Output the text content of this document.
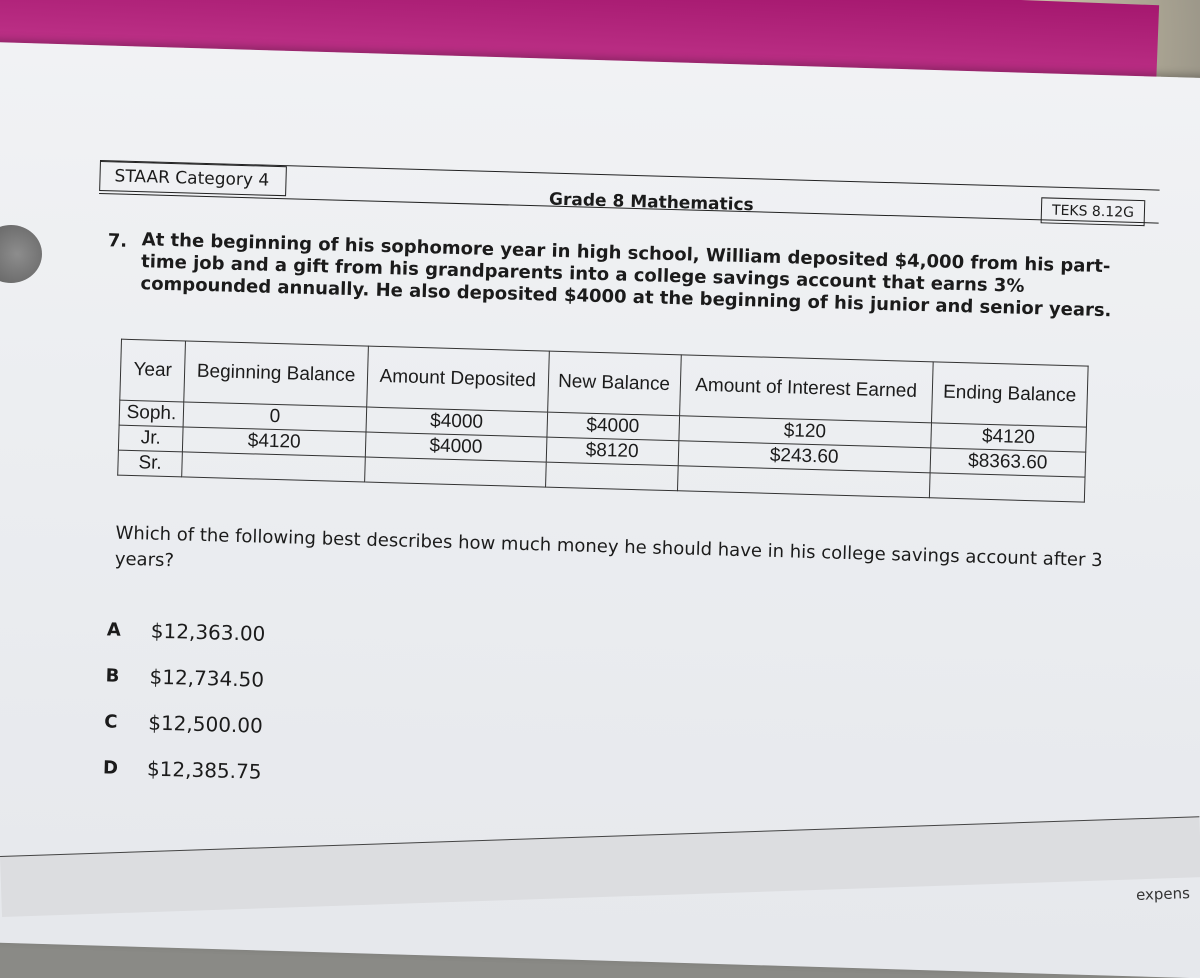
STAAR Category 4
Grade 8 Mathematics	TEKS 8.12G
7. At the beginning of his sophomore year in high school, William deposited $4,000 from his part-time job and a gift from his grandparents into a college savings account that earns 3% compounded annually. He also deposited $4000 at the beginning of his junior and senior years.
Year	Beginning Balance	Amount Deposited	New Balance	Amount of Interest Earned	Ending Balance
Soph.	0	$4000	$4000	$120	$4120
Jr.	$4120	$4000	$8120	$243.60	$8363.60
Sr.					
Which of the following best describes how much money he should have in his college savings account after 3 years?
A	$12,363.00
B	$12,734.50
C	$12,500.00
D	$12,385.75
expens
